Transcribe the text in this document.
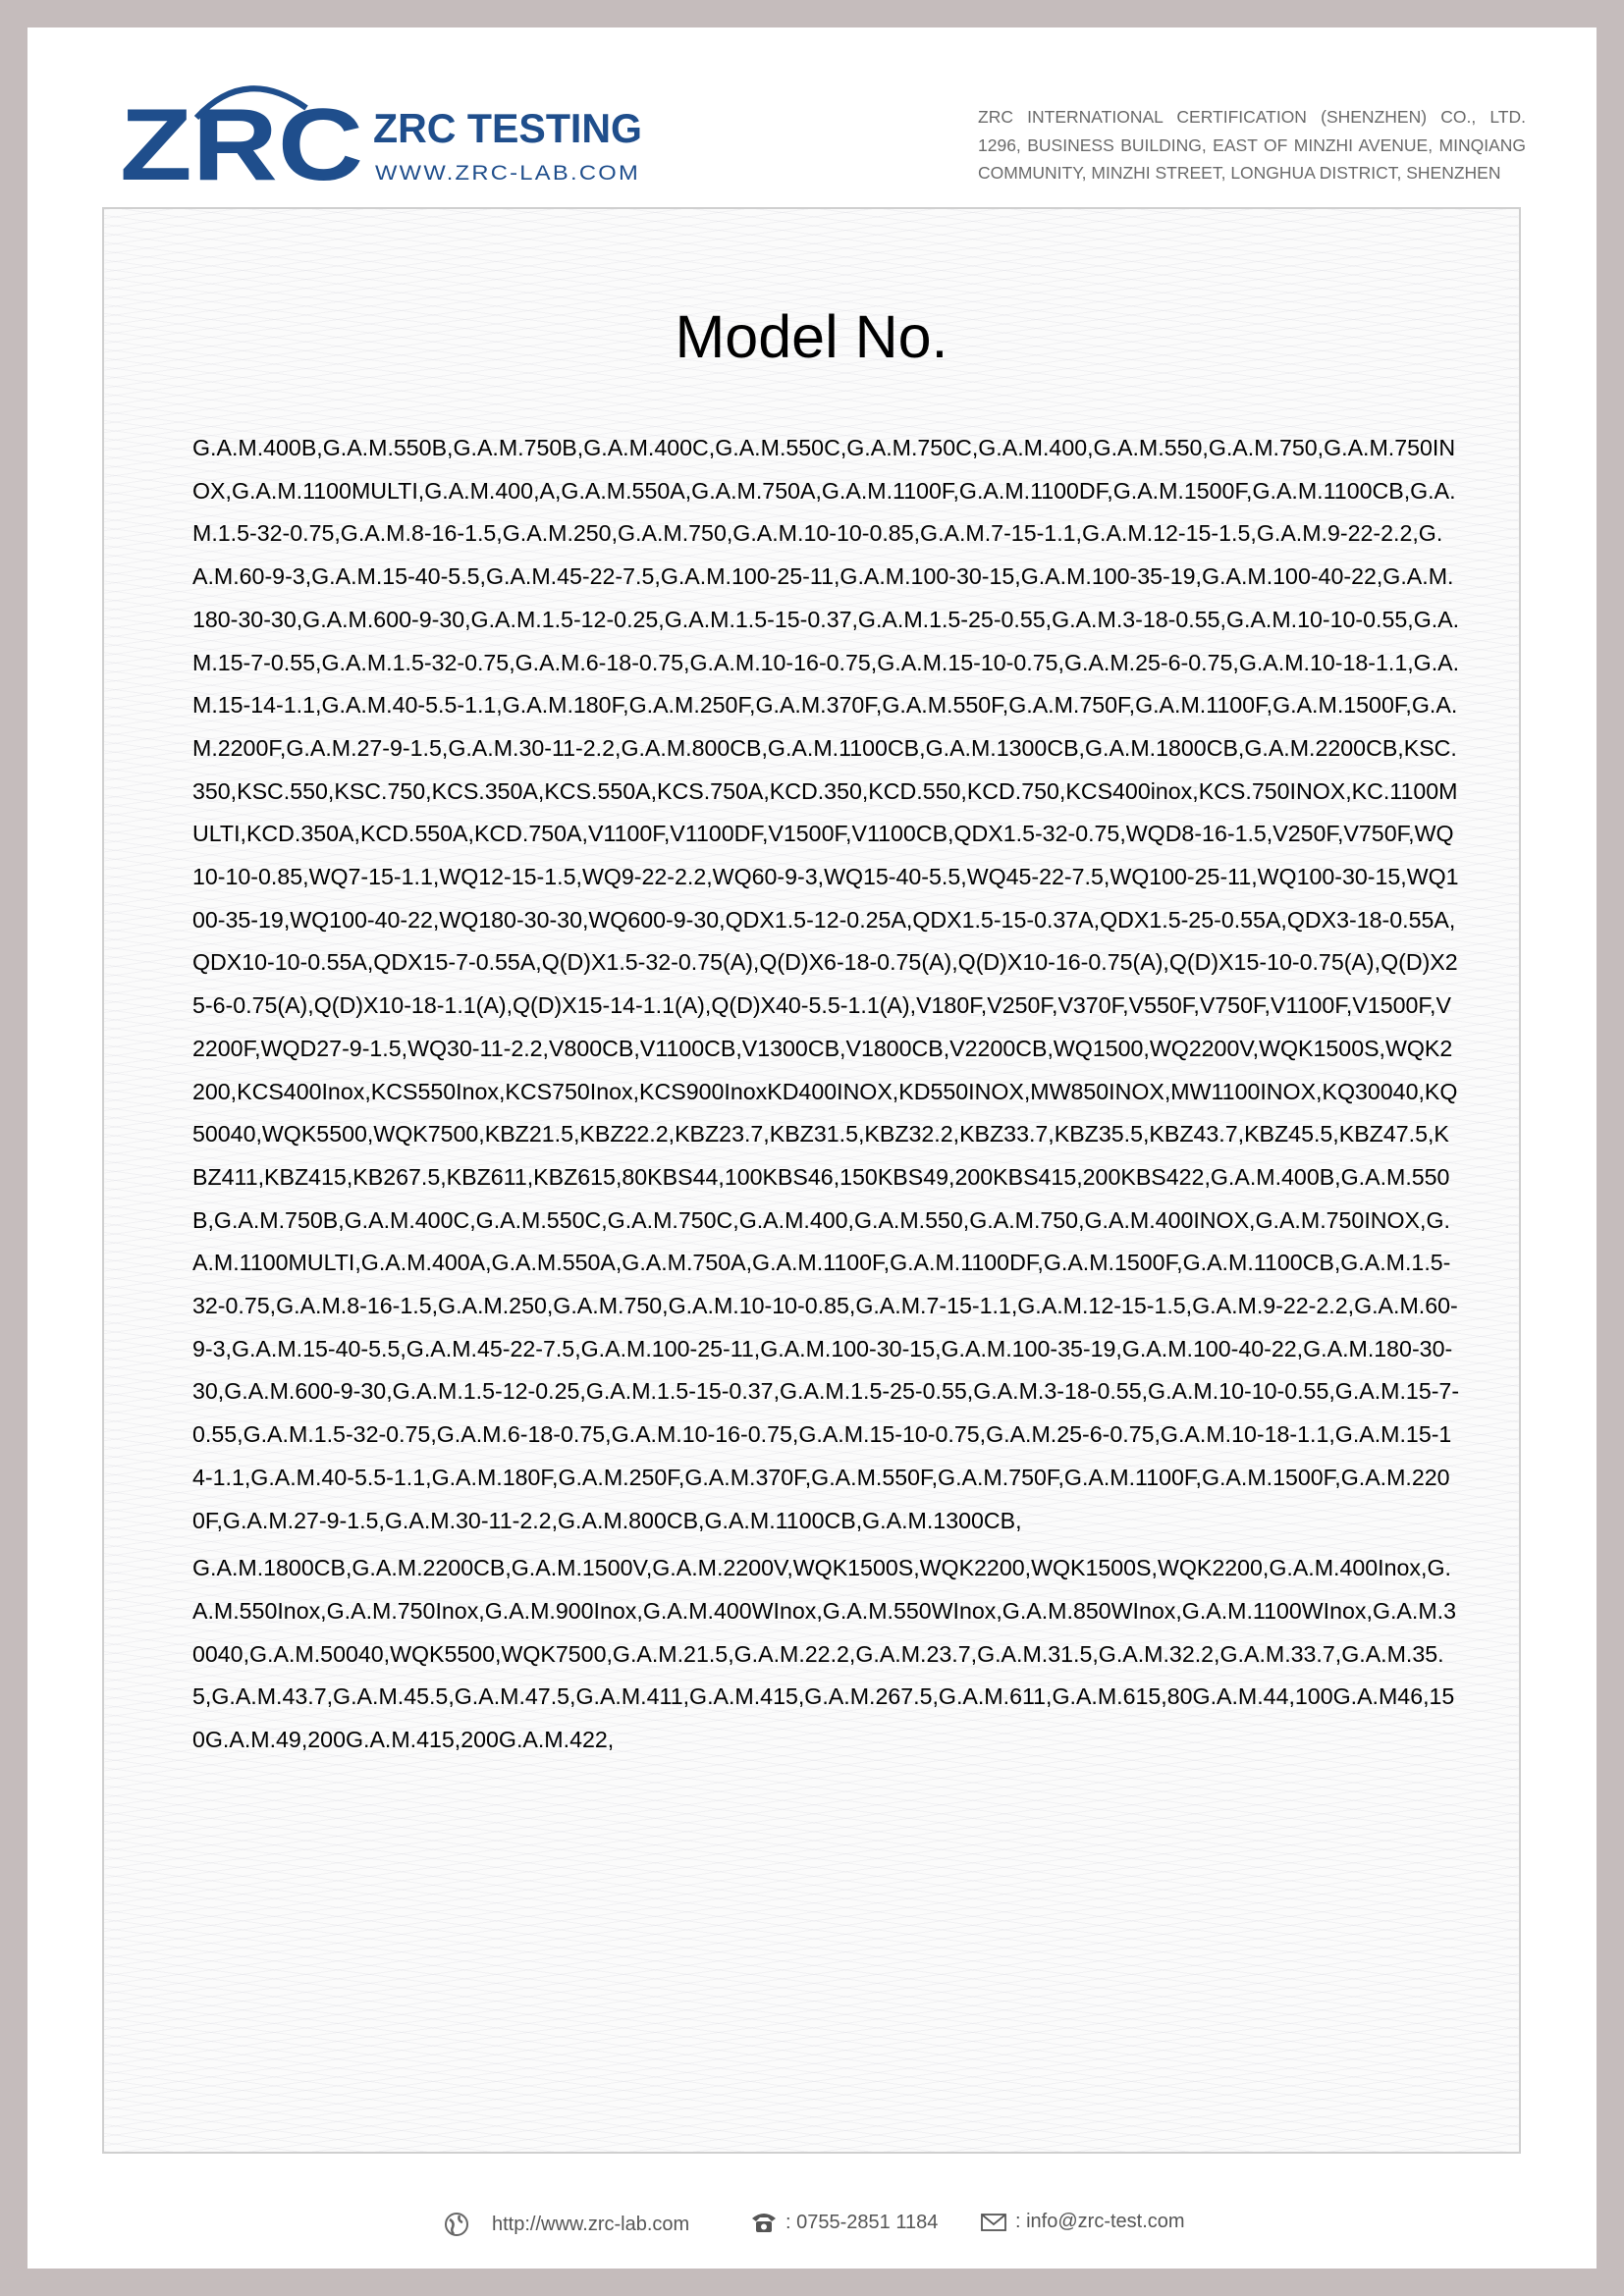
ZRC ZRC TESTING
WWW.ZRC-LAB.COM
ZRC INTERNATIONAL CERTIFICATION (SHENZHEN) CO., LTD. 1296, BUSINESS BUILDING, EAST OF MINZHI AVENUE, MINQIANG COMMUNITY, MINZHI STREET, LONGHUA DISTRICT, SHENZHEN
Model No.

G.A.M.400B,G.A.M.550B,G.A.M.750B,G.A.M.400C,G.A.M.550C,G.A.M.750C,G.A.M.400,G.A.M.550,G.A.M.750,G.A.M.750INOX,G.A.M.1100MULTI,G.A.M.400,A,G.A.M.550A,G.A.M.750A,G.A.M.1100F,G.A.M.1100DF,G.A.M.1500F,G.A.M.1100CB,G.A.M.1.5-32-0.75,G.A.M.8-16-1.5,G.A.M.250,G.A.M.750,G.A.M.10-10-0.85,G.A.M.7-15-1.1,G.A.M.12-15-1.5,G.A.M.9-22-2.2,G.A.M.60-9-3,G.A.M.15-40-5.5,G.A.M.45-22-7.5,G.A.M.100-25-11,G.A.M.100-30-15,G.A.M.100-35-19,G.A.M.100-40-22,G.A.M.180-30-30,G.A.M.600-9-30,G.A.M.1.5-12-0.25,G.A.M.1.5-15-0.37,G.A.M.1.5-25-0.55,G.A.M.3-18-0.55,G.A.M.10-10-0.55,G.A.M.15-7-0.55,G.A.M.1.5-32-0.75,G.A.M.6-18-0.75,G.A.M.10-16-0.75,G.A.M.15-10-0.75,G.A.M.25-6-0.75,G.A.M.10-18-1.1,G.A.M.15-14-1.1,G.A.M.40-5.5-1.1,G.A.M.180F,G.A.M.250F,G.A.M.370F,G.A.M.550F,G.A.M.750F,G.A.M.1100F,G.A.M.1500F,G.A.M.2200F,G.A.M.27-9-1.5,G.A.M.30-11-2.2,G.A.M.800CB,G.A.M.1100CB,G.A.M.1300CB,G.A.M.1800CB,G.A.M.2200CB,KSC.350,KSC.550,KSC.750,KCS.350A,KCS.550A,KCS.750A,KCD.350,KCD.550,KCD.750,KCS400inox,KCS.750INOX,KC.1100MULTI,KCD.350A,KCD.550A,KCD.750A,V1100F,V1100DF,V1500F,V1100CB,QDX1.5-32-0.75,WQD8-16-1.5,V250F,V750F,WQ10-10-0.85,WQ7-15-1.1,WQ12-15-1.5,WQ9-22-2.2,WQ60-9-3,WQ15-40-5.5,WQ45-22-7.5,WQ100-25-11,WQ100-30-15,WQ100-35-19,WQ100-40-22,WQ180-30-30,WQ600-9-30,QDX1.5-12-0.25A,QDX1.5-15-0.37A,QDX1.5-25-0.55A,QDX3-18-0.55A,QDX10-10-0.55A,QDX15-7-0.55A,Q(D)X1.5-32-0.75(A),Q(D)X6-18-0.75(A),Q(D)X10-16-0.75(A),Q(D)X15-10-0.75(A),Q(D)X25-6-0.75(A),Q(D)X10-18-1.1(A),Q(D)X15-14-1.1(A),Q(D)X40-5.5-1.1(A),V180F,V250F,V370F,V550F,V750F,V1100F,V1500F,V2200F,WQD27-9-1.5,WQ30-11-2.2,V800CB,V1100CB,V1300CB,V1800CB,V2200CB,WQ1500,WQ2200V,WQK1500S,WQK2200,KCS400Inox,KCS550Inox,KCS750Inox,KCS900InoxKD400INOX,KD550INOX,MW850INOX,MW1100INOX,KQ30040,KQ50040,WQK5500,WQK7500,KBZ21.5,KBZ22.2,KBZ23.7,KBZ31.5,KBZ32.2,KBZ33.7,KBZ35.5,KBZ43.7,KBZ45.5,KBZ47.5,KBZ411,KBZ415,KB267.5,KBZ611,KBZ615,80KBS44,100KBS46,150KBS49,200KBS415,200KBS422,G.A.M.400B,G.A.M.550B,G.A.M.750B,G.A.M.400C,G.A.M.550C,G.A.M.750C,G.A.M.400,G.A.M.550,G.A.M.750,G.A.M.400INOX,G.A.M.750INOX,G.A.M.1100MULTI,G.A.M.400A,G.A.M.550A,G.A.M.750A,G.A.M.1100F,G.A.M.1100DF,G.A.M.1500F,G.A.M.1100CB,G.A.M.1.5-32-0.75,G.A.M.8-16-1.5,G.A.M.250,G.A.M.750,G.A.M.10-10-0.85,G.A.M.7-15-1.1,G.A.M.12-15-1.5,G.A.M.9-22-2.2,G.A.M.60-9-3,G.A.M.15-40-5.5,G.A.M.45-22-7.5,G.A.M.100-25-11,G.A.M.100-30-15,G.A.M.100-35-19,G.A.M.100-40-22,G.A.M.180-30-30,G.A.M.600-9-30,G.A.M.1.5-12-0.25,G.A.M.1.5-15-0.37,G.A.M.1.5-25-0.55,G.A.M.3-18-0.55,G.A.M.10-10-0.55,G.A.M.15-7-0.55,G.A.M.1.5-32-0.75,G.A.M.6-18-0.75,G.A.M.10-16-0.75,G.A.M.15-10-0.75,G.A.M.25-6-0.75,G.A.M.10-18-1.1,G.A.M.15-14-1.1,G.A.M.40-5.5-1.1,G.A.M.180F,G.A.M.250F,G.A.M.370F,G.A.M.550F,G.A.M.750F,G.A.M.1100F,G.A.M.1500F,G.A.M.2200F,G.A.M.27-9-1.5,G.A.M.30-11-2.2,G.A.M.800CB,G.A.M.1100CB,G.A.M.1300CB,

G.A.M.1800CB,G.A.M.2200CB,G.A.M.1500V,G.A.M.2200V,WQK1500S,WQK2200,WQK1500S,WQK2200,G.A.M.400Inox,G.A.M.550Inox,G.A.M.750Inox,G.A.M.900Inox,G.A.M.400WInox,G.A.M.550WInox,G.A.M.850WInox,G.A.M.1100WInox,G.A.M.30040,G.A.M.50040,WQK5500,WQK7500,G.A.M.21.5,G.A.M.22.2,G.A.M.23.7,G.A.M.31.5,G.A.M.32.2,G.A.M.33.7,G.A.M.35.5,G.A.M.43.7,G.A.M.45.5,G.A.M.47.5,G.A.M.411,G.A.M.415,G.A.M.267.5,G.A.M.611,G.A.M.615,80G.A.M.44,100G.A.M46,150G.A.M.49,200G.A.M.415,200G.A.M.422,

http://www.zrc-lab.com	: 0755-2851 1184	: info@zrc-test.com
